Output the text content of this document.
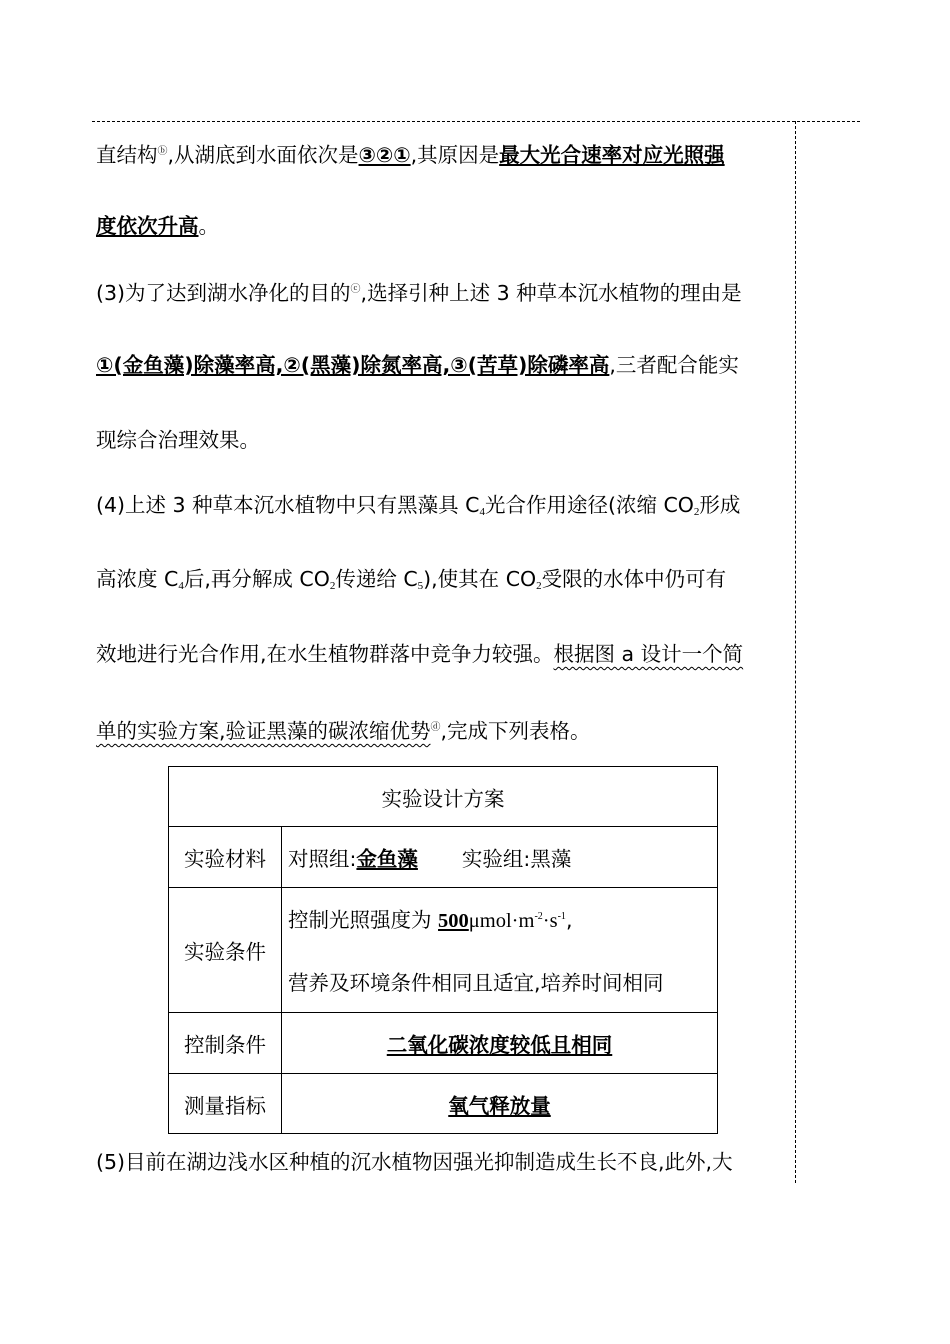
直结构ⓑ,从湖底到水面依次是③②①,其原因是最大光合速率对应光照强
度依次升高。
(3)为了达到湖水净化的目的ⓒ,选择引种上述 3 种草本沉水植物的理由是
①(金鱼藻)除藻率高,②(黑藻)除氮率高,③(苦草)除磷率高,三者配合能实
现综合治理效果。
(4)上述 3 种草本沉水植物中只有黑藻具 $C_4$光合作用途径(浓缩 $CO_2$形成
高浓度 $C_4$后,再分解成 $CO_2$传递给 $C_5$),使其在 $CO_2$受限的水体中仍可有
效地进行光合作用,在水生植物群落中竞争力较强。根据图 a 设计一个简
单的实验方案,验证黑藻的碳浓缩优势ⓓ,完成下列表格。
实验设计方案	
实验材料	对照组:金鱼藻 实验组:黑藻
实验条件	控制光照强度为 $500\mu mol\cdot m^{-2}\cdot s^{-1}$,
营养及环境条件相同且适宜,培养时间相同

控制条件	二氧化碳浓度较低且相同
测量指标	氧气释放量
(5)目前在湖边浅水区种植的沉水植物因强光抑制造成生长不良,此外,大
